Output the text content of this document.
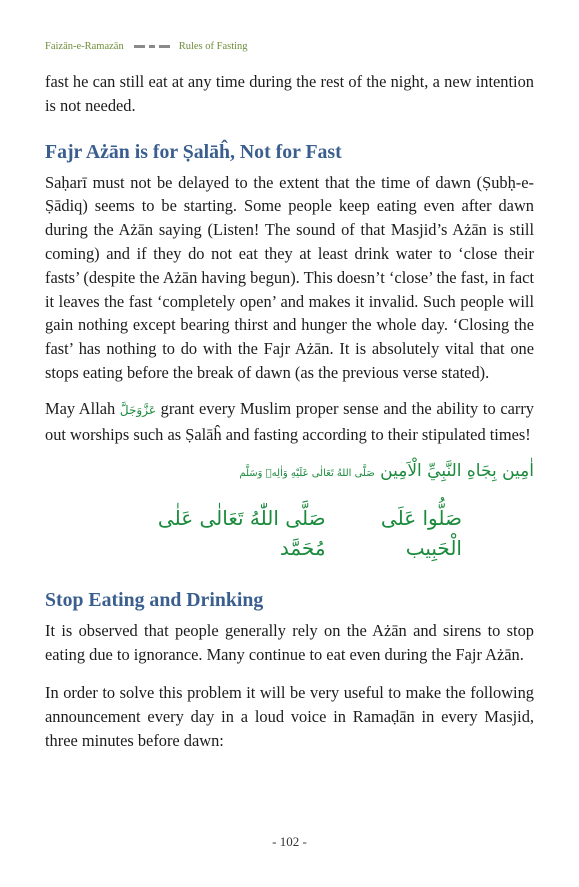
Faizān-e-Ramazān	Rules of Fasting

fast he can still eat at any time during the rest of the night, a new intention is not needed.

Fajr Ażān is for Ṣalāĥ, Not for Fast

Saḥarī must not be delayed to the extent that the time of dawn (Ṣubḥ-e-Ṣādiq) seems to be starting. Some people keep eating even after dawn during the Ażān saying (Listen! The sound of that Masjid’s Ażān is still coming) and if they do not eat they at least drink water to ‘close their fasts’ (despite the Ażān having begun). This doesn’t ‘close’ the fast, in fact it leaves the fast ‘completely open’ and makes it invalid. Such people will gain nothing except bearing thirst and hunger the whole day. ‘Closing the fast’ has nothing to do with the Fajr Ażān. It is absolutely vital that one stops eating before the break of dawn (as the previous verse stated).

May Allah عَزَّوَجَلَّ grant every Muslim proper sense and the ability to carry out worships such as Ṣalāĥ and fasting according to their stipulated times!

اٰمِين بِجَاهِ النَّبِيِّ الْاَمِين صَلَّى اللهُ تَعَالٰى عَلَيْهِ وَاٰلِهٖ وَسَلَّم
صَلُّوا عَلَى الْحَبِيب
صَلَّى اللّٰهُ تَعَالٰى عَلٰى مُحَمَّد
Stop Eating and Drinking

It is observed that people generally rely on the Ażān and sirens to stop eating due to ignorance. Many continue to eat even during the Fajr Ażān.

In order to solve this problem it will be very useful to make the following announcement every day in a loud voice in Ramaḍān in every Masjid, three minutes before dawn:

- 102 -
